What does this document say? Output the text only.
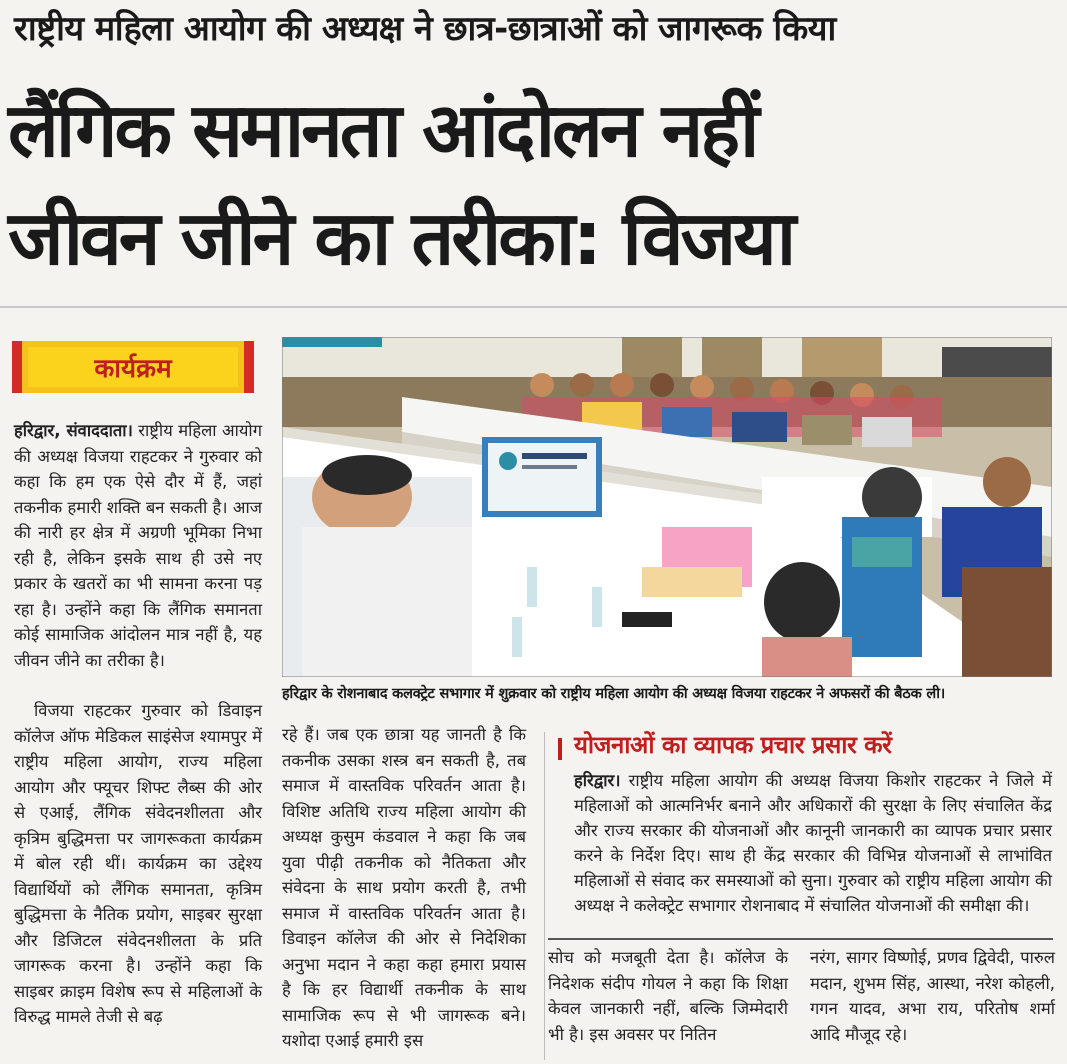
राष्ट्रीय महिला आयोग की अध्यक्ष ने छात्र-छात्राओं को जागरूक किया
लैंगिक समानता आंदोलन नहीं
जीवन जीने का तरीका: विजया
कार्यक्रम

हरिद्वार, संवाददाता। राष्ट्रीय महिला आयोग की अध्यक्ष विजया राहटकर ने गुरुवार को कहा कि हम एक ऐसे दौर में हैं, जहां तकनीक हमारी शक्ति बन सकती है। आज की नारी हर क्षेत्र में अग्रणी भूमिका निभा रही है, लेकिन इसके साथ ही उसे नए प्रकार के खतरों का भी सामना करना पड़ रहा है। उन्होंने कहा कि लैंगिक समानता कोई सामाजिक आंदोलन मात्र नहीं है, यह जीवन जीने का तरीका है।

विजया राहटकर गुरुवार को डिवाइन कॉलेज ऑफ मेडिकल साइंसेज श्यामपुर में राष्ट्रीय महिला आयोग, राज्य महिला आयोग और फ्यूचर शिफ्ट लैब्स की ओर से एआई, लैंगिक संवेदनशीलता और कृत्रिम बुद्धिमत्ता पर जागरूकता कार्यक्रम में बोल रही थीं। कार्यक्रम का उद्देश्य विद्यार्थियों को लैंगिक समानता, कृत्रिम बुद्धिमत्ता के नैतिक प्रयोग, साइबर सुरक्षा और डिजिटल संवेदनशीलता के प्रति जागरूक करना है। उन्होंने कहा कि साइबर क्राइम विशेष रूप से महिलाओं के विरुद्ध मामले तेजी से बढ़

रहे हैं। जब एक छात्रा यह जानती है कि तकनीक उसका शस्त्र बन सकती है, तब समाज में वास्तविक परिवर्तन आता है। विशिष्ट अतिथि राज्य महिला आयोग की अध्यक्ष कुसुम कंडवाल ने कहा कि जब युवा पीढ़ी तकनीक को नैतिकता और संवेदना के साथ प्रयोग करती है, तभी समाज में वास्तविक परिवर्तन आता है। डिवाइन कॉलेज की ओर से निदेशिका अनुभा मदान ने कहा कहा हमारा प्रयास है कि हर विद्यार्थी तकनीक के साथ सामाजिक रूप से भी जागरूक बने। यशोदा एआई हमारी इस

हरिद्वार के रोशनाबाद कलक्ट्रेट सभागार में शुक्रवार को राष्ट्रीय महिला आयोग की अध्यक्ष विजया राहटकर ने अफसरों की बैठक ली।
योजनाओं का व्यापक प्रचार प्रसार करें

हरिद्वार। राष्ट्रीय महिला आयोग की अध्यक्ष विजया किशोर राहटकर ने जिले में महिलाओं को आत्मनिर्भर बनाने और अधिकारों की सुरक्षा के लिए संचालित केंद्र और राज्य सरकार की योजनाओं और कानूनी जानकारी का व्यापक प्रचार प्रसार करने के निर्देश दिए। साथ ही केंद्र सरकार की विभिन्न योजनाओं से लाभांवित महिलाओं से संवाद कर समस्याओं को सुना। गुरुवार को राष्ट्रीय महिला आयोग की अध्यक्ष ने कलेक्ट्रेट सभागार रोशनाबाद में संचालित योजनाओं की समीक्षा की।

सोच को मजबूती देता है। कॉलेज के निदेशक संदीप गोयल ने कहा कि शिक्षा केवल जानकारी नहीं, बल्कि जिम्मेदारी भी है। इस अवसर पर नितिन

नरंग, सागर विष्णोई, प्रणव द्विवेदी, पारुल मदान, शुभम सिंह, आस्था, नरेश कोहली, गगन यादव, अभा राय, परितोष शर्मा आदि मौजूद रहे।
